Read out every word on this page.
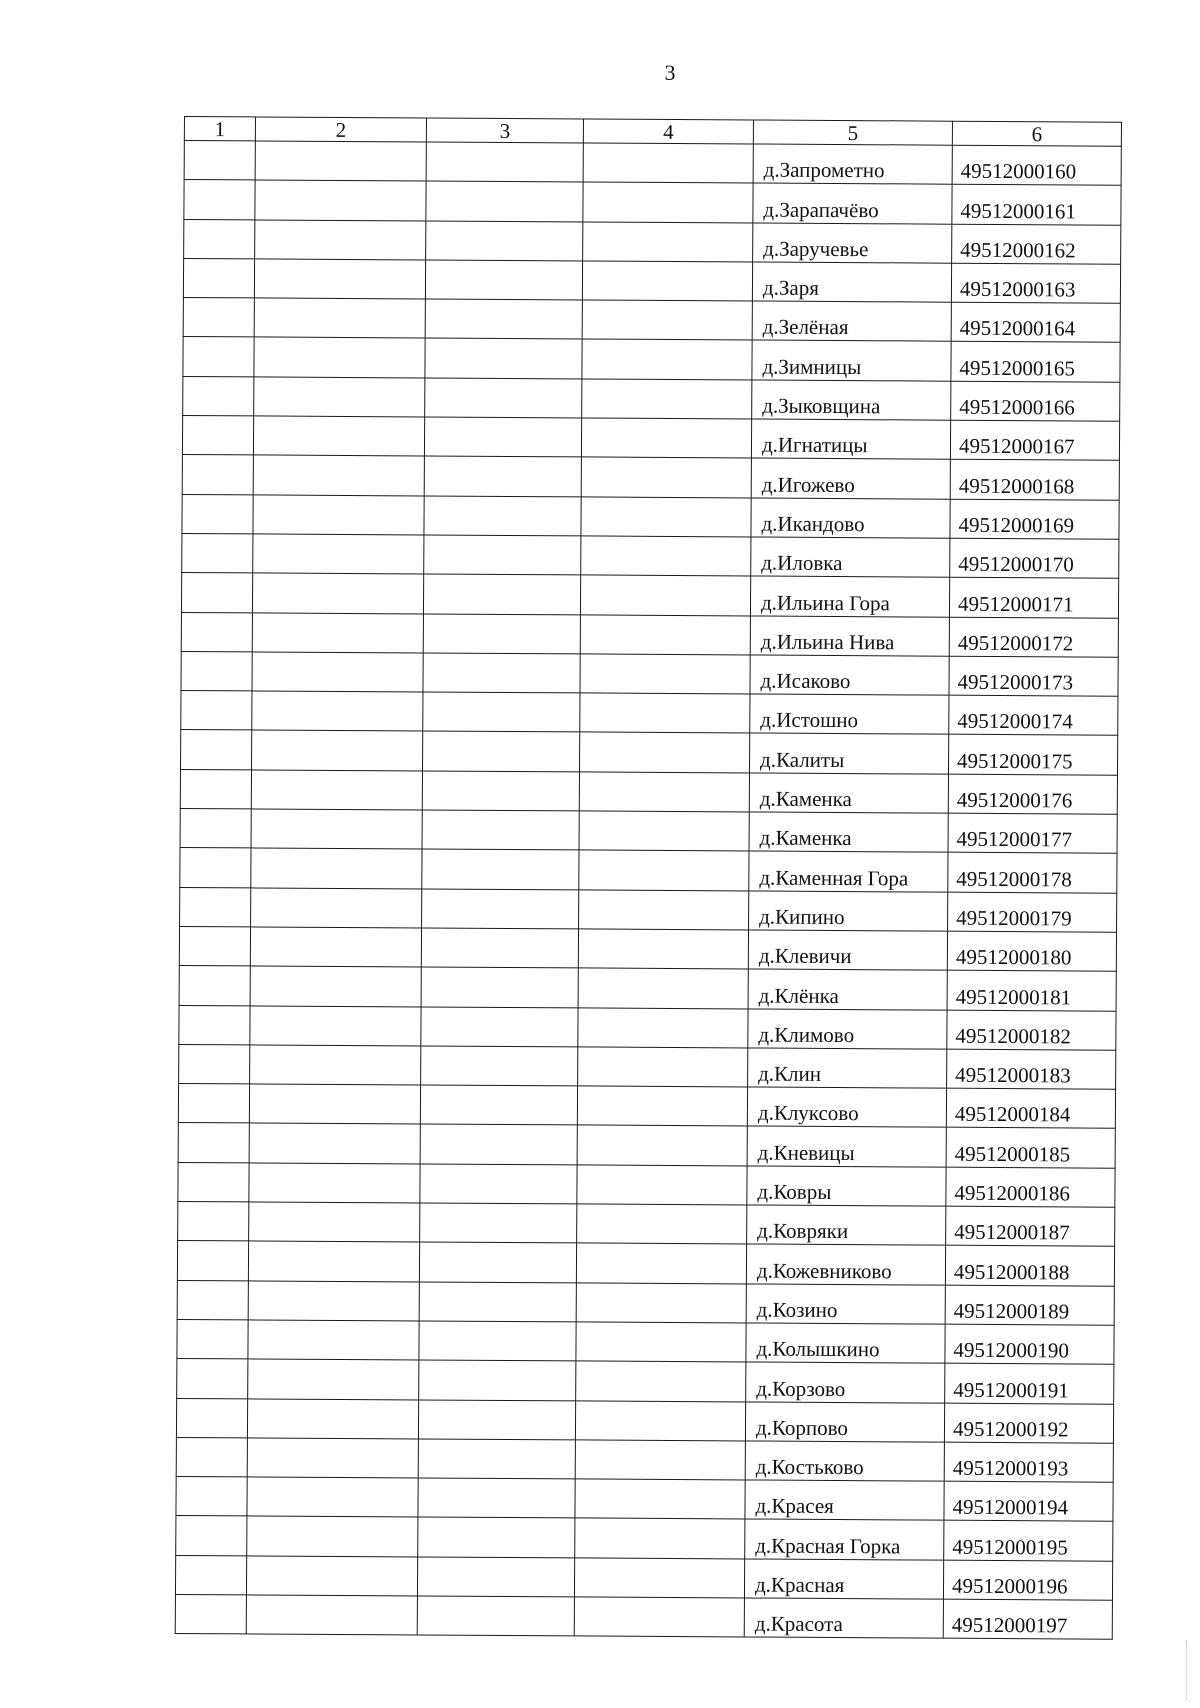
3
1	2	3	4	5	6
				д.Запрометно	49512000160
				д.Зарапачёво	49512000161
				д.Заручевье	49512000162
				д.Заря	49512000163
				д.Зелёная	49512000164
				д.Зимницы	49512000165
				д.Зыковщина	49512000166
				д.Игнатицы	49512000167
				д.Игожево	49512000168
				д.Икандово	49512000169
				д.Иловка	49512000170
				д.Ильина Гора	49512000171
				д.Ильина Нива	49512000172
				д.Исаково	49512000173
				д.Истошно	49512000174
				д.Калиты	49512000175
				д.Каменка	49512000176
				д.Каменка	49512000177
				д.Каменная Гора	49512000178
				д.Кипино	49512000179
				д.Клевичи	49512000180
				д.Клёнка	49512000181
				д.Климово	49512000182
				д.Клин	49512000183
				д.Клуксово	49512000184
				д.Кневицы	49512000185
				д.Ковры	49512000186
				д.Ковряки	49512000187
				д.Кожевниково	49512000188
				д.Козино	49512000189
				д.Колышкино	49512000190
				д.Корзово	49512000191
				д.Корпово	49512000192
				д.Костьково	49512000193
				д.Красея	49512000194
				д.Красная Горка	49512000195
				д.Красная	49512000196
				д.Красота	49512000197
